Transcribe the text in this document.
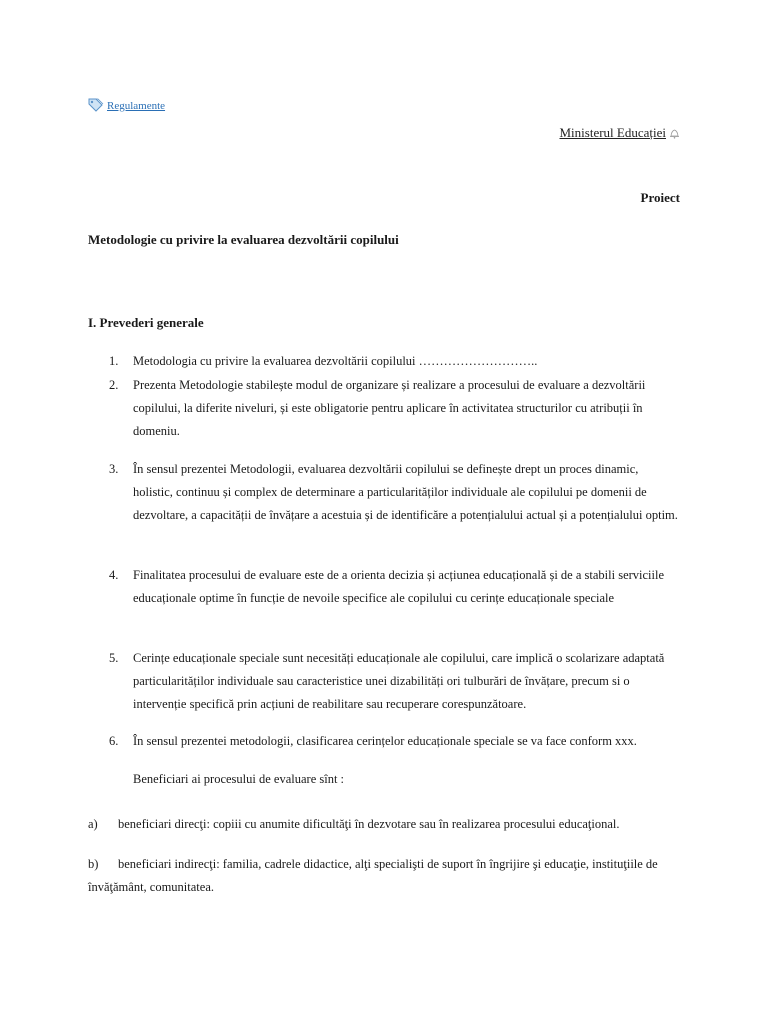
Regulamente
Ministerul Educației
Proiect
Metodologie cu privire la evaluarea dezvoltării copilului
I. Prevederi generale
1.	Metodologia cu privire la evaluarea dezvoltării copilului ………………………..
2.	Prezenta Metodologie stabilește modul de organizare și realizare a procesului de evaluare a dezvoltării copilului, la diferite niveluri, și este obligatorie pentru aplicare în activitatea structurilor cu atribuții în domeniu.
3.	În sensul prezentei Metodologii, evaluarea dezvoltării copilului se definește drept un proces dinamic, holistic, continuu și complex de determinare a particularităților individuale ale copilului pe domenii de dezvoltare, a capacității de învățare a acestuia și de identificăre a potențialului actual și a potențialului optim.
4.	Finalitatea procesului de evaluare este de a orienta decizia și acțiunea educațională și de a stabili serviciile educaționale optime în funcție de nevoile specifice ale copilului cu cerințe educaționale speciale
5.	Cerințe educaționale speciale sunt necesități educaționale ale copilului, care implică o scolarizare adaptată particularităților individuale sau caracteristice unei dizabilități ori tulburări de învățare, precum si o intervenție specifică prin acțiuni de reabilitare sau recuperare corespunzătoare.
6.	În sensul prezentei metodologii, clasificarea cerințelor educaționale speciale se va face conform xxx.
Beneficiari ai procesului de evaluare sînt :
a) beneficiari direcţi: copiii cu anumite dificultăţi în dezvotare sau în realizarea procesului educaţional.
b) beneficiari indirecţi: familia, cadrele didactice, alţi specialişti de suport în îngrijire şi educaţie, instituţiile de învăţământ, comunitatea.
